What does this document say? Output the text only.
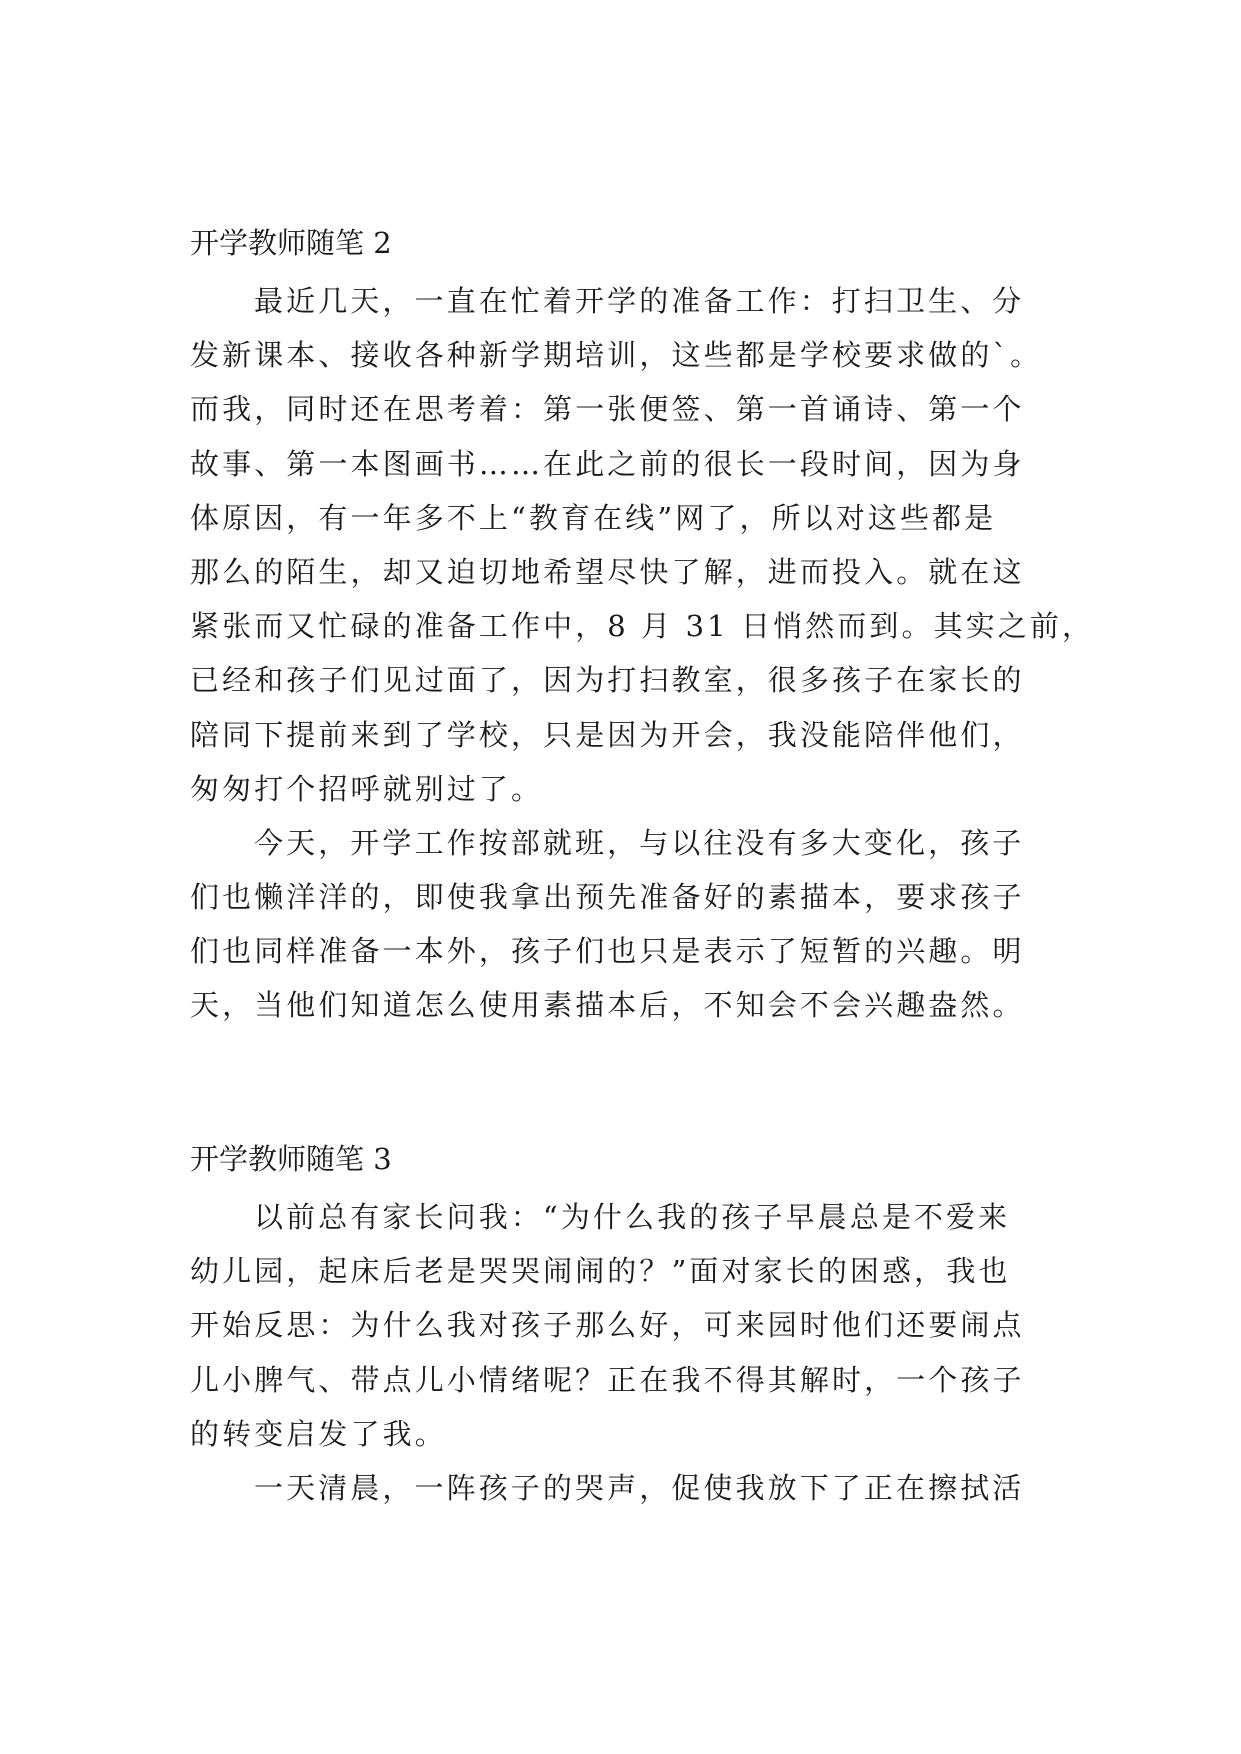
开学教师随笔 2
最近几天，一直在忙着开学的准备工作：打扫卫生、分
发新课本、接收各种新学期培训，这些都是学校要求做的`。
而我，同时还在思考着：第一张便签、第一首诵诗、第一个
故事、第一本图画书……在此之前的很长一段时间，因为身
体原因，有一年多不上“教育在线”网了，所以对这些都是
那么的陌生，却又迫切地希望尽快了解，进而投入。就在这
紧张而又忙碌的准备工作中，8 月 31 日悄然而到。其实之前，
已经和孩子们见过面了，因为打扫教室，很多孩子在家长的
陪同下提前来到了学校，只是因为开会，我没能陪伴他们，
匆匆打个招呼就别过了。
今天，开学工作按部就班，与以往没有多大变化，孩子
们也懒洋洋的，即使我拿出预先准备好的素描本，要求孩子
们也同样准备一本外，孩子们也只是表示了短暂的兴趣。明
天，当他们知道怎么使用素描本后，不知会不会兴趣盎然。
开学教师随笔 3
以前总有家长问我：“为什么我的孩子早晨总是不爱来
幼儿园，起床后老是哭哭闹闹的？”面对家长的困惑，我也
开始反思：为什么我对孩子那么好，可来园时他们还要闹点
儿小脾气、带点儿小情绪呢？正在我不得其解时，一个孩子
的转变启发了我。
一天清晨，一阵孩子的哭声，促使我放下了正在擦拭活
